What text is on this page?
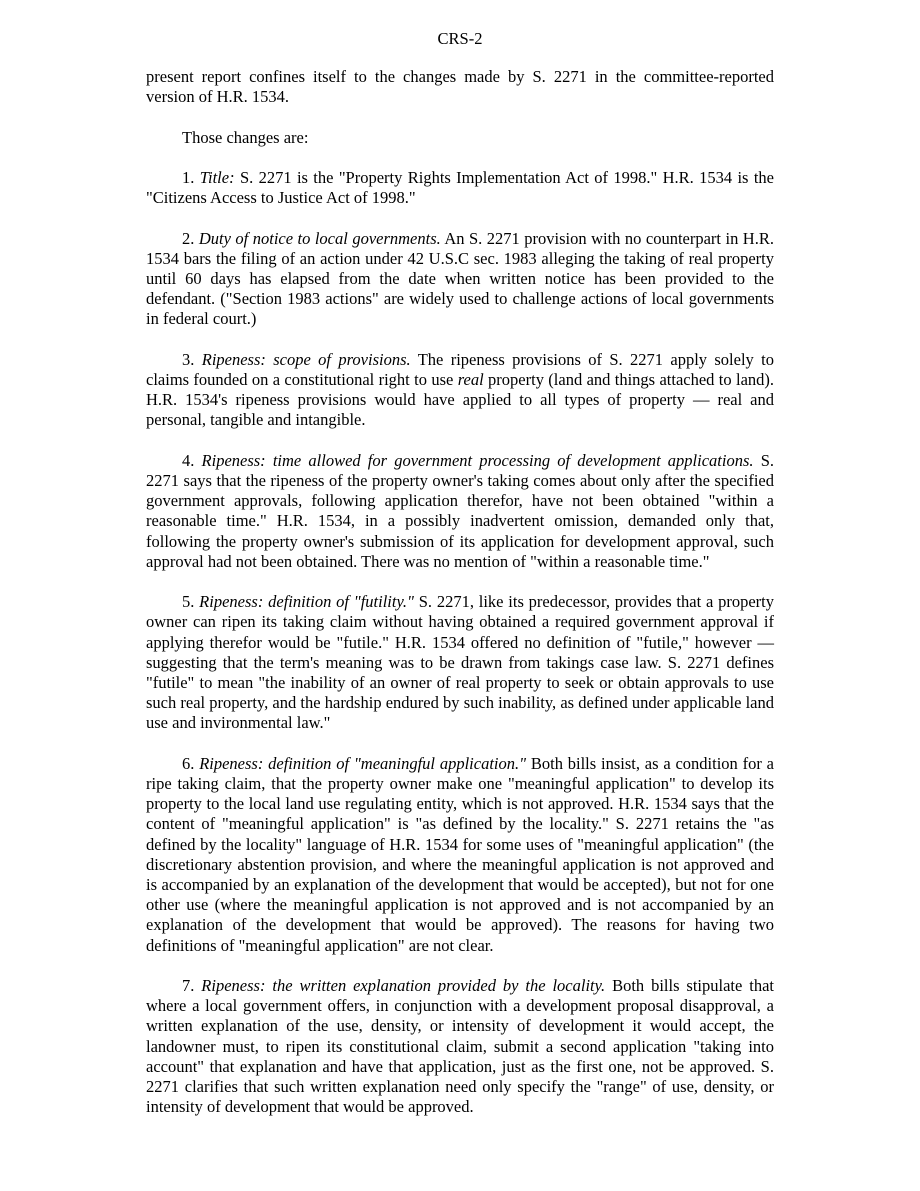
CRS-2

present report confines itself to the changes made by S. 2271 in the committee-reported version of H.R. 1534.

Those changes are:

1. Title: S. 2271 is the "Property Rights Implementation Act of 1998." H.R. 1534 is the "Citizens Access to Justice Act of 1998."

2. Duty of notice to local governments. An S. 2271 provision with no counterpart in H.R. 1534 bars the filing of an action under 42 U.S.C sec. 1983 alleging the taking of real property until 60 days has elapsed from the date when written notice has been provided to the defendant. ("Section 1983 actions" are widely used to challenge actions of local governments in federal court.)

3. Ripeness: scope of provisions. The ripeness provisions of S. 2271 apply solely to claims founded on a constitutional right to use real property (land and things attached to land). H.R. 1534's ripeness provisions would have applied to all types of property — real and personal, tangible and intangible.

4. Ripeness: time allowed for government processing of development applications. S. 2271 says that the ripeness of the property owner's taking comes about only after the specified government approvals, following application therefor, have not been obtained "within a reasonable time." H.R. 1534, in a possibly inadvertent omission, demanded only that, following the property owner's submission of its application for development approval, such approval had not been obtained. There was no mention of "within a reasonable time."

5. Ripeness: definition of "futility." S. 2271, like its predecessor, provides that a property owner can ripen its taking claim without having obtained a required government approval if applying therefor would be "futile." H.R. 1534 offered no definition of "futile," however — suggesting that the term's meaning was to be drawn from takings case law. S. 2271 defines "futile" to mean "the inability of an owner of real property to seek or obtain approvals to use such real property, and the hardship endured by such inability, as defined under applicable land use and invironmental law."

6. Ripeness: definition of "meaningful application." Both bills insist, as a condition for a ripe taking claim, that the property owner make one "meaningful application" to develop its property to the local land use regulating entity, which is not approved. H.R. 1534 says that the content of "meaningful application" is "as defined by the locality." S. 2271 retains the "as defined by the locality" language of H.R. 1534 for some uses of "meaningful application" (the discretionary abstention provision, and where the meaningful application is not approved and is accompanied by an explanation of the development that would be accepted), but not for one other use (where the meaningful application is not approved and is not accompanied by an explanation of the development that would be approved). The reasons for having two definitions of "meaningful application" are not clear.

7. Ripeness: the written explanation provided by the locality. Both bills stipulate that where a local government offers, in conjunction with a development proposal disapproval, a written explanation of the use, density, or intensity of development it would accept, the landowner must, to ripen its constitutional claim, submit a second application "taking into account" that explanation and have that application, just as the first one, not be approved. S. 2271 clarifies that such written explanation need only specify the "range" of use, density, or intensity of development that would be approved.
